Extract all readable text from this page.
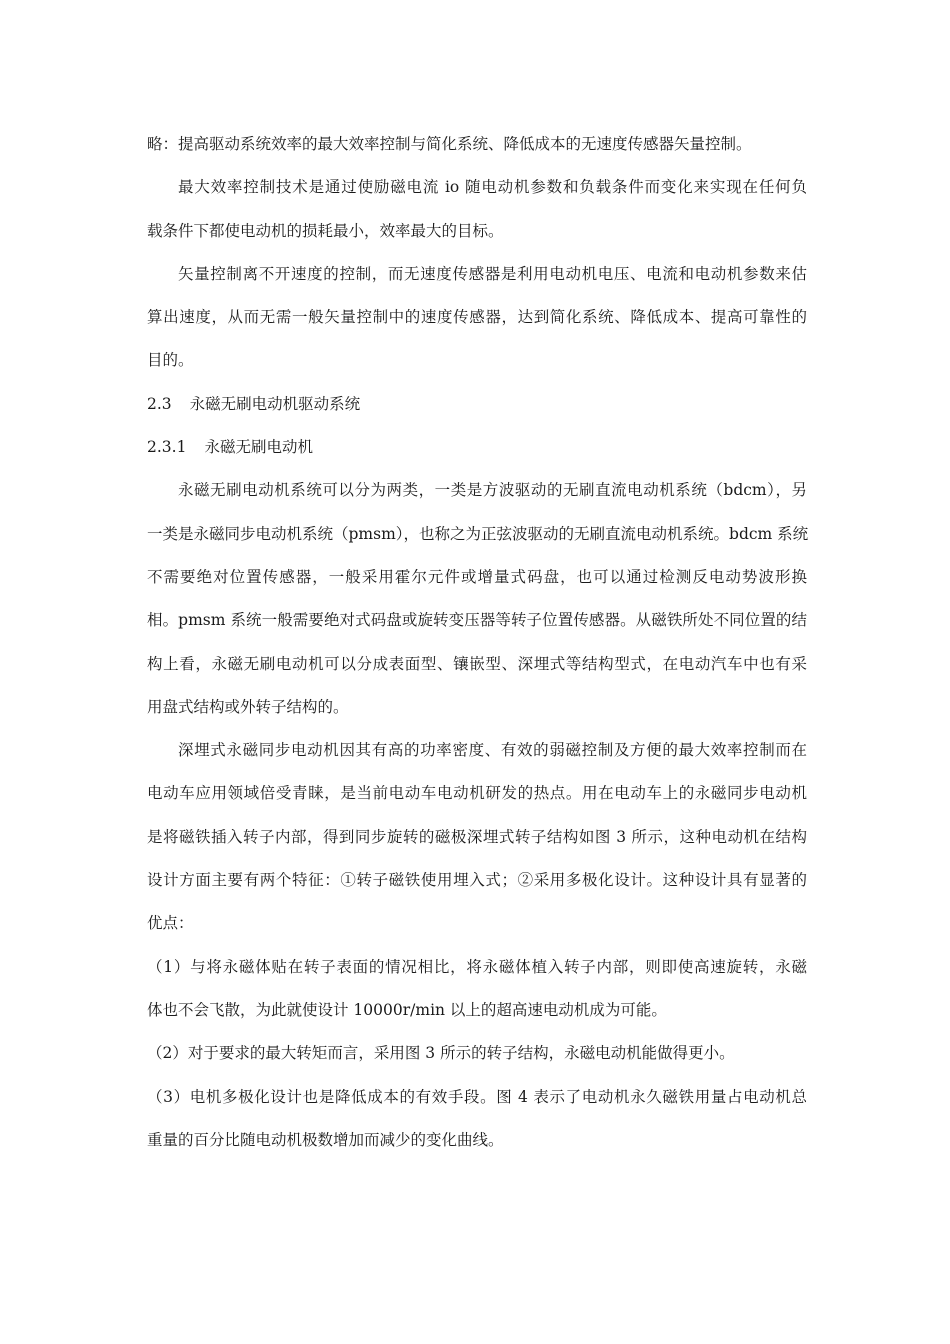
略：提高驱动系统效率的最大效率控制与简化系统、降低成本的无速度传感器矢量控制。
最大效率控制技术是通过使励磁电流 io 随电动机参数和负载条件而变化来实现在任何负
载条件下都使电动机的损耗最小，效率最大的目标。
矢量控制离不开速度的控制，而无速度传感器是利用电动机电压、电流和电动机参数来估
算出速度，从而无需一般矢量控制中的速度传感器，达到简化系统、降低成本、提高可靠性的
目的。
2.3 永磁无刷电动机驱动系统
2.3.1 永磁无刷电动机
永磁无刷电动机系统可以分为两类，一类是方波驱动的无刷直流电动机系统（bdcm），另
一类是永磁同步电动机系统（pmsm），也称之为正弦波驱动的无刷直流电动机系统。bdcm 系统
不需要绝对位置传感器，一般采用霍尔元件或增量式码盘，也可以通过检测反电动势波形换
相。pmsm 系统一般需要绝对式码盘或旋转变压器等转子位置传感器。从磁铁所处不同位置的结
构上看，永磁无刷电动机可以分成表面型、镶嵌型、深埋式等结构型式，在电动汽车中也有采
用盘式结构或外转子结构的。
深埋式永磁同步电动机因其有高的功率密度、有效的弱磁控制及方便的最大效率控制而在
电动车应用领域倍受青睐，是当前电动车电动机研发的热点。用在电动车上的永磁同步电动机
是将磁铁插入转子内部，得到同步旋转的磁极深埋式转子结构如图 3 所示，这种电动机在结构
设计方面主要有两个特征：①转子磁铁使用埋入式；②采用多极化设计。这种设计具有显著的
优点：
（1）与将永磁体贴在转子表面的情况相比，将永磁体植入转子内部，则即使高速旋转，永磁
体也不会飞散，为此就使设计 10000r/min 以上的超高速电动机成为可能。
（2）对于要求的最大转矩而言，采用图 3 所示的转子结构，永磁电动机能做得更小。
（3）电机多极化设计也是降低成本的有效手段。图 4 表示了电动机永久磁铁用量占电动机总
重量的百分比随电动机极数增加而减少的变化曲线。
